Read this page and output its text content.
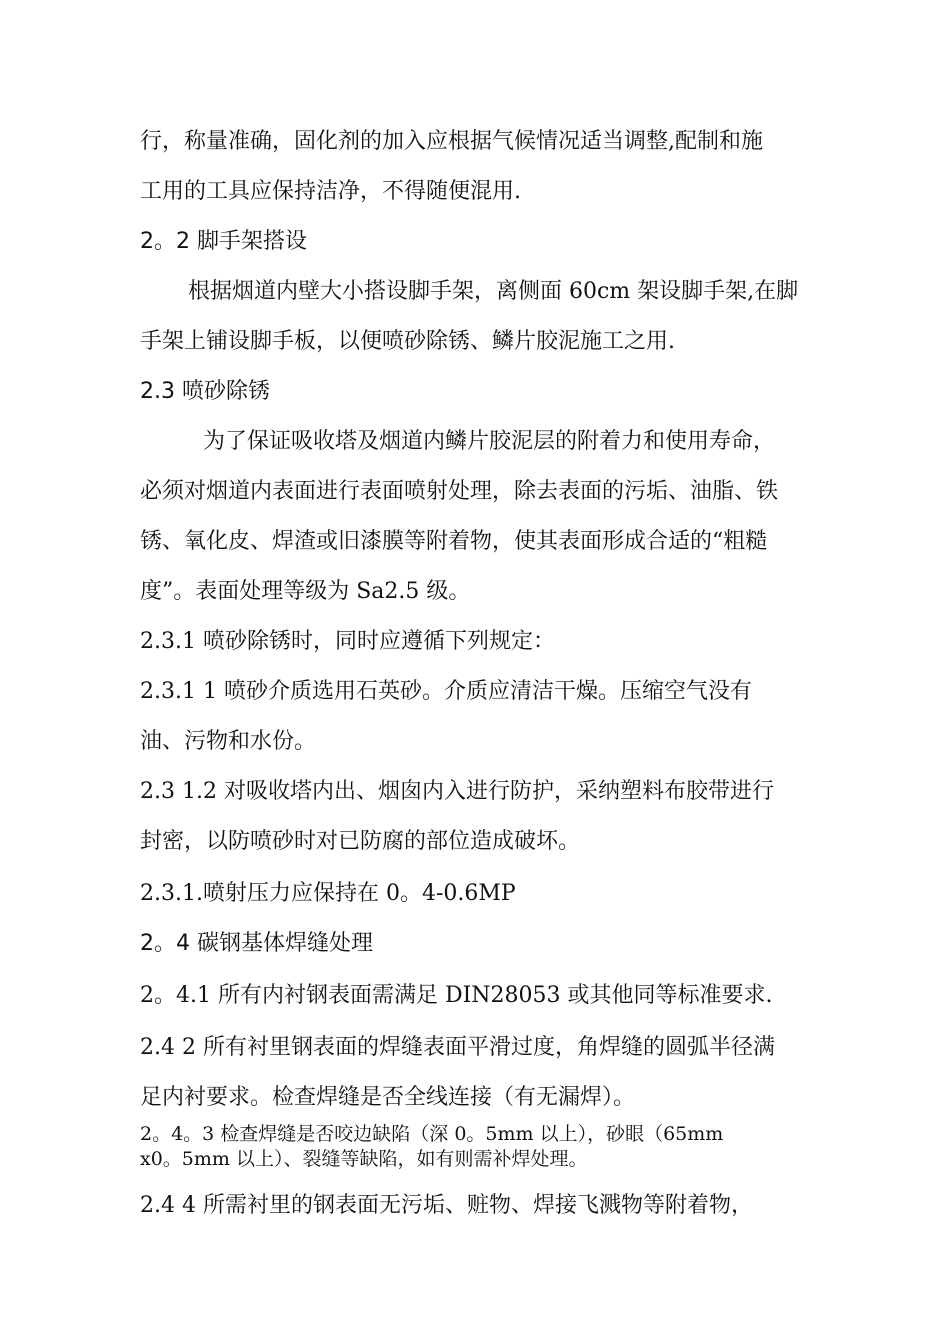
行，称量准确，固化剂的加入应根据气候情况适当调整,配制和施
工用的工具应保持洁净，不得随便混用.
2。2 脚手架搭设
根据烟道内壁大小搭设脚手架，离侧面 60cm 架设脚手架,在脚
手架上铺设脚手板，以便喷砂除锈、鳞片胶泥施工之用.
2.3 喷砂除锈
为了保证吸收塔及烟道内鳞片胶泥层的附着力和使用寿命，
必须对烟道内表面进行表面喷射处理，除去表面的污垢、油脂、铁
锈、氧化皮、焊渣或旧漆膜等附着物，使其表面形成合适的“粗糙
度”。表面处理等级为 Sa2.5 级。
2.3.1 喷砂除锈时，同时应遵循下列规定：
2.3.1 1 喷砂介质选用石英砂。介质应清洁干燥。压缩空气没有
油、污物和水份。
2.3 1.2 对吸收塔内出、烟囱内入进行防护，采纳塑料布胶带进行
封密，以防喷砂时对已防腐的部位造成破坏。
2.3.1.喷射压力应保持在 0。4-0.6MP
2。4 碳钢基体焊缝处理
2。4.1 所有内衬钢表面需满足 DIN28053 或其他同等标准要求.
2.4 2 所有衬里钢表面的焊缝表面平滑过度，角焊缝的圆弧半径满
足内衬要求。检查焊缝是否全线连接（有无漏焊）。
2。4。3 检查焊缝是否咬边缺陷（深 0。5mm 以上），砂眼（65mm
x0。5mm 以上）、裂缝等缺陷，如有则需补焊处理。
2.4 4 所需衬里的钢表面无污垢、赃物、焊接飞溅物等附着物，
